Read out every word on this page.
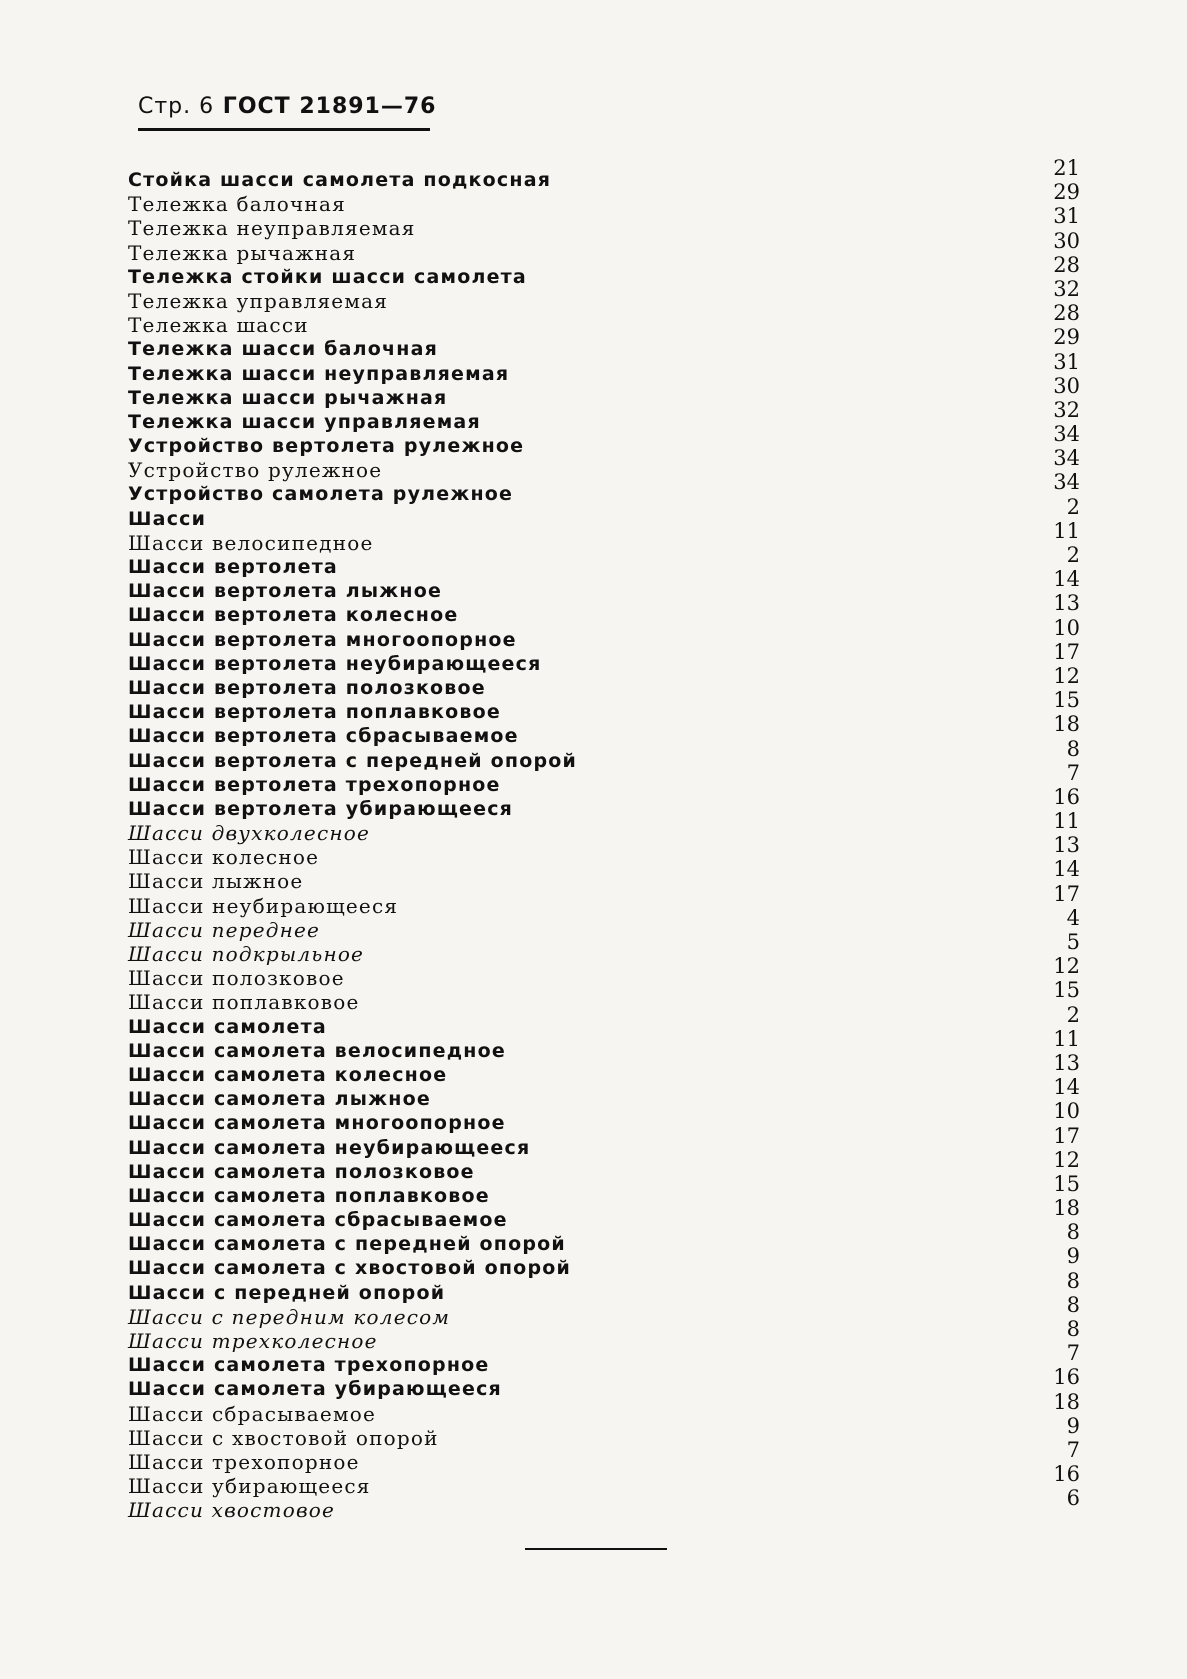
Стр. 6 ГОСТ 21891—76
Стойка шасси самолета подкосная
Тележка балочная
Тележка неуправляемая
Тележка рычажная
Тележка стойки шасси самолета
Тележка управляемая
Тележка шасси
Тележка шасси балочная
Тележка шасси неуправляемая
Тележка шасси рычажная
Тележка шасси управляемая
Устройство вертолета рулежное
Устройство рулежное
Устройство самолета рулежное
Шасси
Шасси велосипедное
Шасси вертолета
Шасси вертолета лыжное
Шасси вертолета колесное
Шасси вертолета многоопорное
Шасси вертолета неубирающееся
Шасси вертолета полозковое
Шасси вертолета поплавковое
Шасси вертолета сбрасываемое
Шасси вертолета с передней опорой
Шасси вертолета трехопорное
Шасси вертолета убирающееся
Шасси двухколесное
Шасси колесное
Шасси лыжное
Шасси неубирающееся
Шасси переднее
Шасси подкрыльное
Шасси полозковое
Шасси поплавковое
Шасси самолета
Шасси самолета велосипедное
Шасси самолета колесное
Шасси самолета лыжное
Шасси самолета многоопорное
Шасси самолета неубирающееся
Шасси самолета полозковое
Шасси самолета поплавковое
Шасси самолета сбрасываемое
Шасси самолета с передней опорой
Шасси самолета с хвостовой опорой
Шасси с передней опорой
Шасси с передним колесом
Шасси трехколесное
Шасси самолета трехопорное
Шасси самолета убирающееся
Шасси сбрасываемое
Шасси с хвостовой опорой
Шасси трехопорное
Шасси убирающееся
Шасси хвостовое
21
29
31
30
28
32
28
29
31
30
32
34
34
34
2
11
2
14
13
10
17
12
15
18
8
7
16
11
13
14
17
4
5
12
15
2
11
13
14
10
17
12
15
18
8
9
8
8
8
7
16
18
9
7
16
6
